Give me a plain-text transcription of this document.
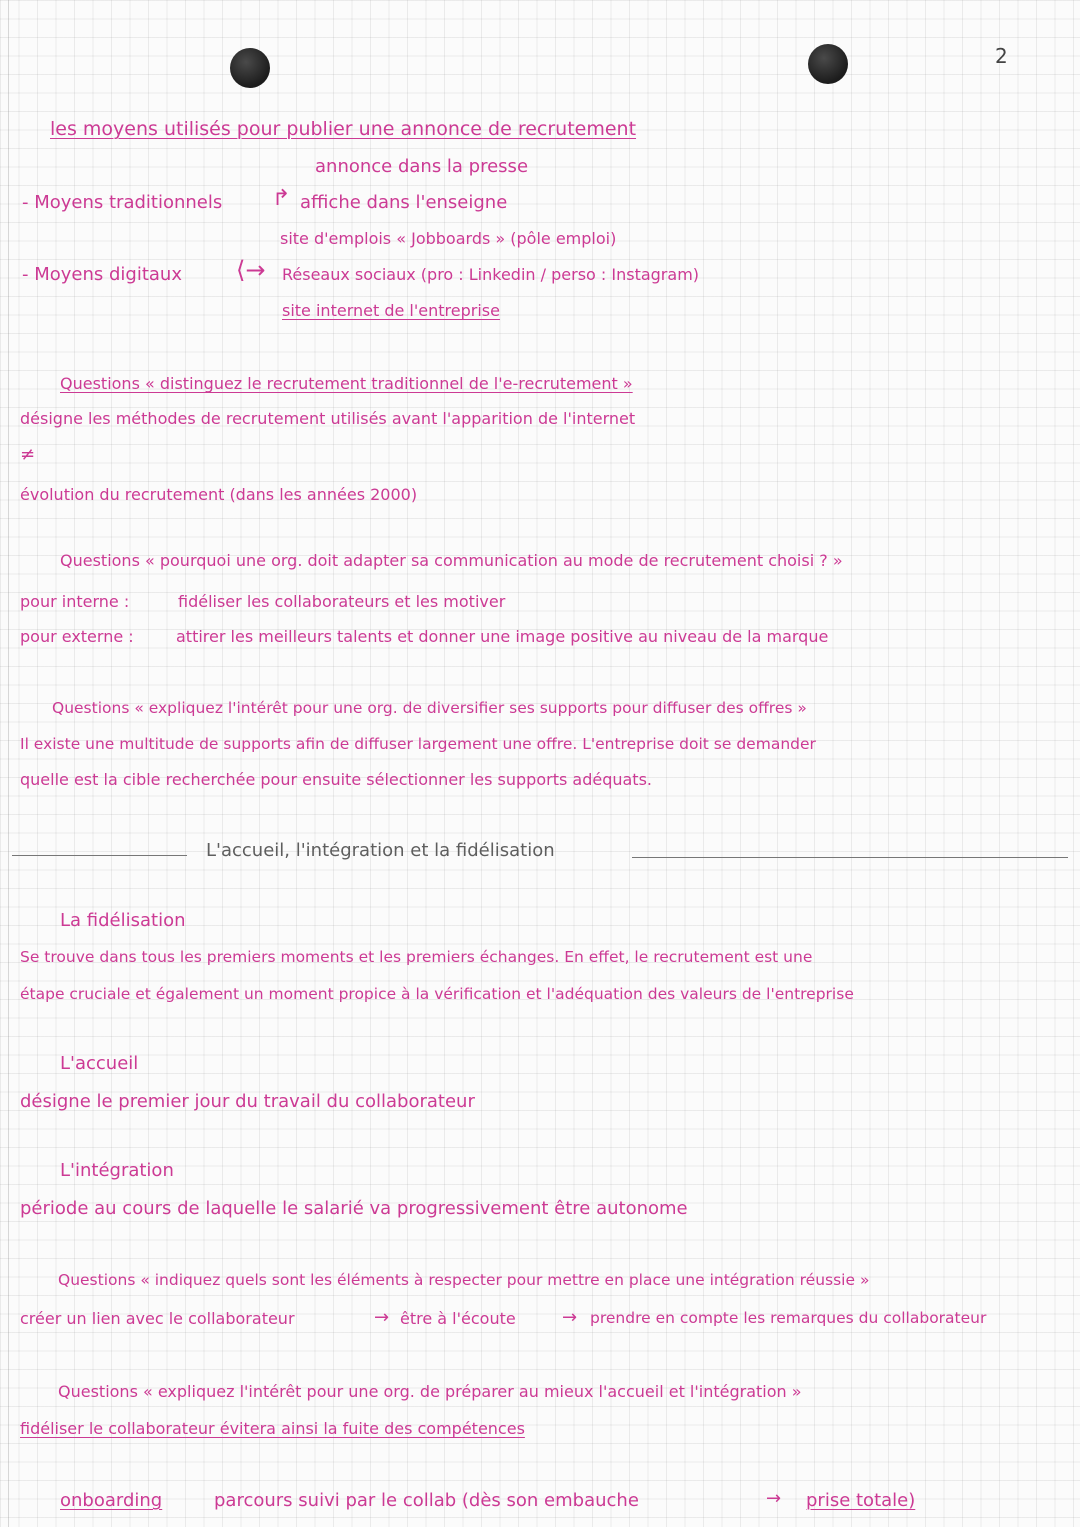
2
les moyens utilisés pour publier une annonce de recrutement
annonce dans la presse
- Moyens traditionnels ↱ affiche dans l'enseigne
site d'emplois « Jobboards » (pôle emploi)
- Moyens digitaux ⟨→ Réseaux sociaux (pro : Linkedin / perso : Instagram)
site internet de l'entreprise
Questions « distinguez le recrutement traditionnel de l'e-recrutement »
désigne les méthodes de recrutement utilisés avant l'apparition de l'internet
≠
évolution du recrutement (dans les années 2000)
Questions « pourquoi une org. doit adapter sa communication au mode de recrutement choisi ? »
pour interne :	fidéliser les collaborateurs et les motiver
pour externe :	attirer les meilleurs talents et donner une image positive au niveau de la marque
Questions « expliquez l'intérêt pour une org. de diversifier ses supports pour diffuser des offres »
Il existe une multitude de supports afin de diffuser largement une offre. L'entreprise doit se demander
quelle est la cible recherchée pour ensuite sélectionner les supports adéquats.
L'accueil, l'intégration et la fidélisation
La fidélisation
Se trouve dans tous les premiers moments et les premiers échanges. En effet, le recrutement est une
étape cruciale et également un moment propice à la vérification et l'adéquation des valeurs de l'entreprise
L'accueil
désigne le premier jour du travail du collaborateur
L'intégration
période au cours de laquelle le salarié va progressivement être autonome
Questions « indiquez quels sont les éléments à respecter pour mettre en place une intégration réussie »
créer un lien avec le collaborateur	→ être à l'écoute	→ prendre en compte les remarques du collaborateur
Questions « expliquez l'intérêt pour une org. de préparer au mieux l'accueil et l'intégration »
fidéliser le collaborateur évitera ainsi la fuite des compétences
onboarding	parcours suivi par le collab (dès son embauche	→ prise totale)
